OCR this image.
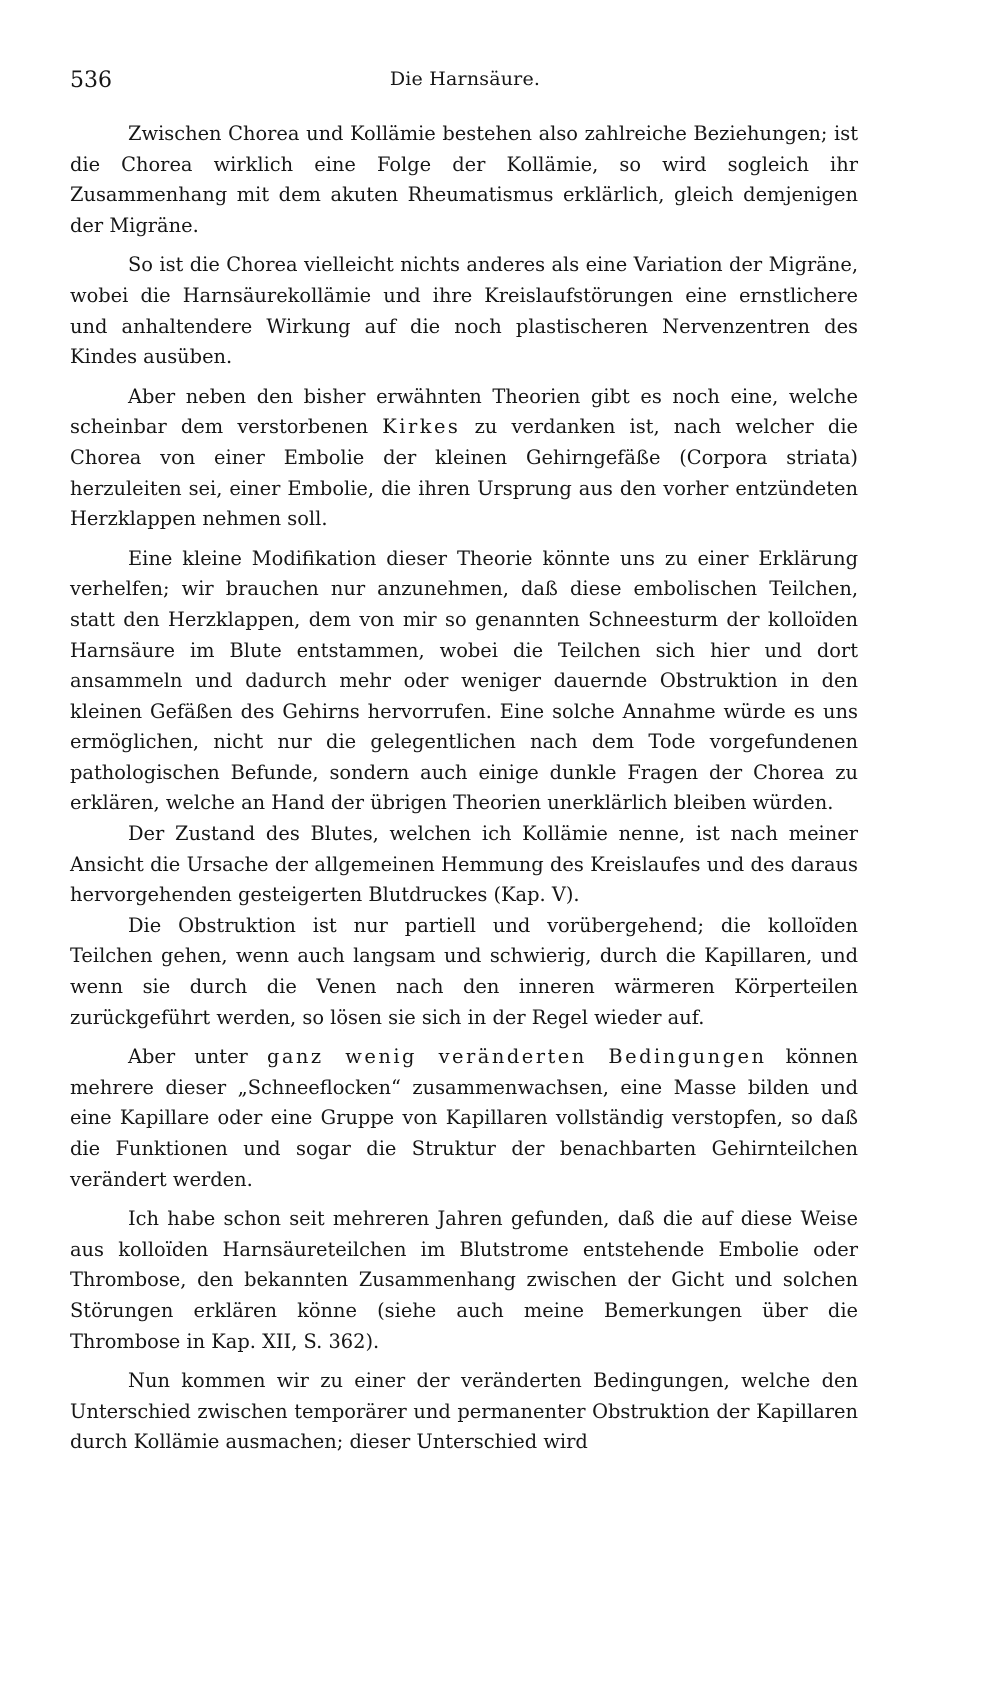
536	Die Harnsäure.

Zwischen Chorea und Kollämie bestehen also zahlreiche Beziehungen; ist die Chorea wirklich eine Folge der Kollämie, so wird sogleich ihr Zusammenhang mit dem akuten Rheumatismus erklärlich, gleich demjenigen der Migräne.

So ist die Chorea vielleicht nichts anderes als eine Variation der Migräne, wobei die Harnsäurekollämie und ihre Kreislaufstörungen eine ernstlichere und anhaltendere Wirkung auf die noch plastischeren Nervenzentren des Kindes ausüben.

Aber neben den bisher erwähnten Theorien gibt es noch eine, welche scheinbar dem verstorbenen Kirkes zu verdanken ist, nach welcher die Chorea von einer Embolie der kleinen Gehirngefäße (Corpora striata) herzuleiten sei, einer Embolie, die ihren Ursprung aus den vorher entzündeten Herzklappen nehmen soll.

Eine kleine Modifikation dieser Theorie könnte uns zu einer Erklärung verhelfen; wir brauchen nur anzunehmen, daß diese embolischen Teilchen, statt den Herzklappen, dem von mir so genannten Schneesturm der kolloïden Harnsäure im Blute entstammen, wobei die Teilchen sich hier und dort ansammeln und dadurch mehr oder weniger dauernde Obstruktion in den kleinen Gefäßen des Gehirns hervorrufen. Eine solche Annahme würde es uns ermöglichen, nicht nur die gelegentlichen nach dem Tode vorgefundenen pathologischen Befunde, sondern auch einige dunkle Fragen der Chorea zu erklären, welche an Hand der übrigen Theorien unerklärlich bleiben würden.

Der Zustand des Blutes, welchen ich Kollämie nenne, ist nach meiner Ansicht die Ursache der allgemeinen Hemmung des Kreislaufes und des daraus hervorgehenden gesteigerten Blutdruckes (Kap. V).

Die Obstruktion ist nur partiell und vorübergehend; die kolloïden Teilchen gehen, wenn auch langsam und schwierig, durch die Kapillaren, und wenn sie durch die Venen nach den inneren wärmeren Körperteilen zurückgeführt werden, so lösen sie sich in der Regel wieder auf.

Aber unter ganz wenig veränderten Bedingungen können mehrere dieser „Schneeflocken“ zusammenwachsen, eine Masse bilden und eine Kapillare oder eine Gruppe von Kapillaren vollständig verstopfen, so daß die Funktionen und sogar die Struktur der benachbarten Gehirnteilchen verändert werden.

Ich habe schon seit mehreren Jahren gefunden, daß die auf diese Weise aus kolloïden Harnsäureteilchen im Blutstrome entstehende Embolie oder Thrombose, den bekannten Zusammenhang zwischen der Gicht und solchen Störungen erklären könne (siehe auch meine Bemerkungen über die Thrombose in Kap. XII, S. 362).

Nun kommen wir zu einer der veränderten Bedingungen, welche den Unterschied zwischen temporärer und permanenter Obstruktion der Kapillaren durch Kollämie ausmachen; dieser Unterschied wird
